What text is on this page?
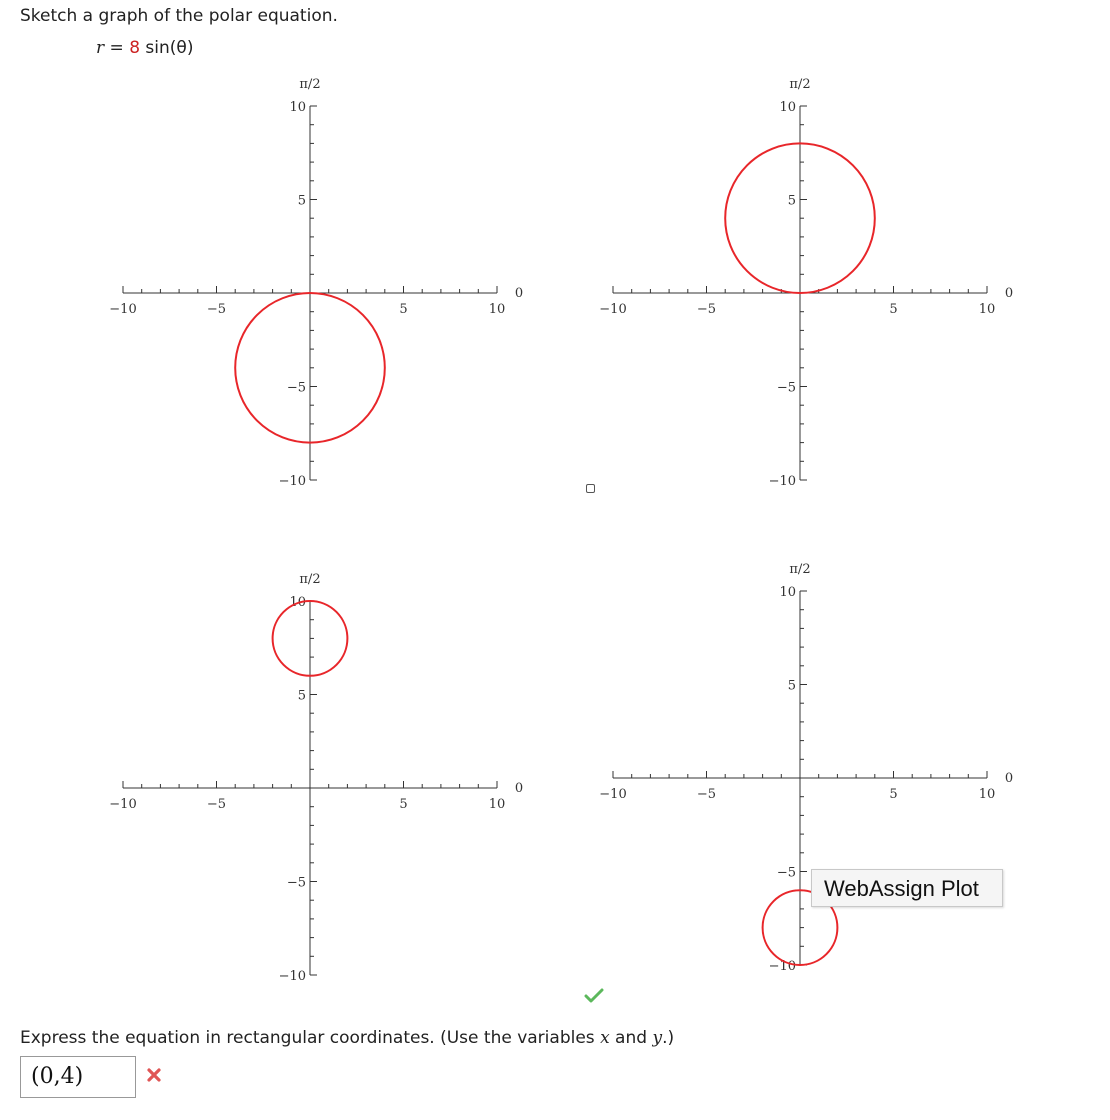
Sketch a graph of the polar equation.
r = 8 sin(θ)
−10	−5	5	10
10
5
−5
−10
π/2
0
−10	−5	5	10
10
5
−5
−10
π/2
0
−10	−5	5	10
10
5
−5
−10
π/2
0	−10	−5	5	10
10
5
−5
−10
π/2
0
WebAssign Plot
Express the equation in rectangular coordinates. (Use the variables x and y.)
(0,4)
